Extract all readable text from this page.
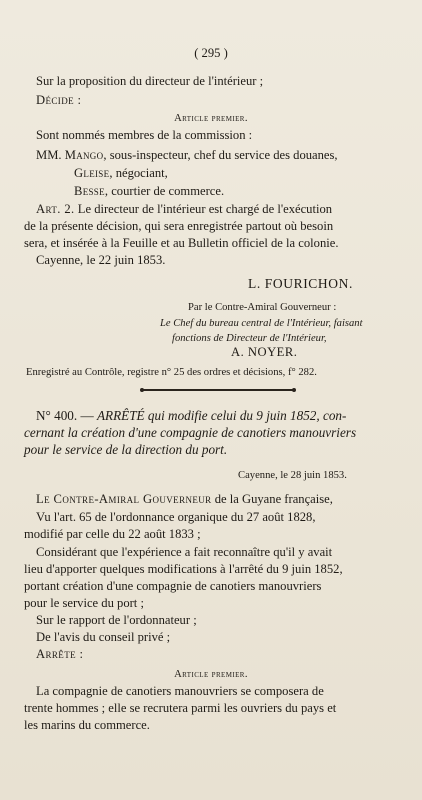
( 295 )
Sur la proposition du directeur de l'intérieur ;
Décide :
Article premier.
Sont nommés membres de la commission :
MM. Mango, sous-inspecteur, chef du service des douanes,
Gleise, négociant,
Besse, courtier de commerce.
Art. 2. Le directeur de l'intérieur est chargé de l'exécution
de la présente décision, qui sera enregistrée partout où besoin
sera, et insérée à la Feuille et au Bulletin officiel de la colonie.
Cayenne, le 22 juin 1853.
L. FOURICHON.
Par le Contre-Amiral Gouverneur :
Le Chef du bureau central de l'Intérieur, faisant
fonctions de Directeur de l'Intérieur,
A. NOYER.
Enregistré au Contrôle, registre n° 25 des ordres et décisions, f° 282.
N° 400. — ARRÊTÉ qui modifie celui du 9 juin 1852, con-
cernant la création d'une compagnie de canotiers manouvriers
pour le service de la direction du port.
Cayenne, le 28 juin 1853.
Le Contre-Amiral Gouverneur de la Guyane française,
Vu l'art. 65 de l'ordonnance organique du 27 août 1828,
modifié par celle du 22 août 1833 ;
Considérant que l'expérience a fait reconnaître qu'il y avait
lieu d'apporter quelques modifications à l'arrêté du 9 juin 1852,
portant création d'une compagnie de canotiers manouvriers
pour le service du port ;
Sur le rapport de l'ordonnateur ;
De l'avis du conseil privé ;
Arrête :
Article premier.
La compagnie de canotiers manouvriers se composera de
trente hommes ; elle se recrutera parmi les ouvriers du pays et
les marins du commerce.
